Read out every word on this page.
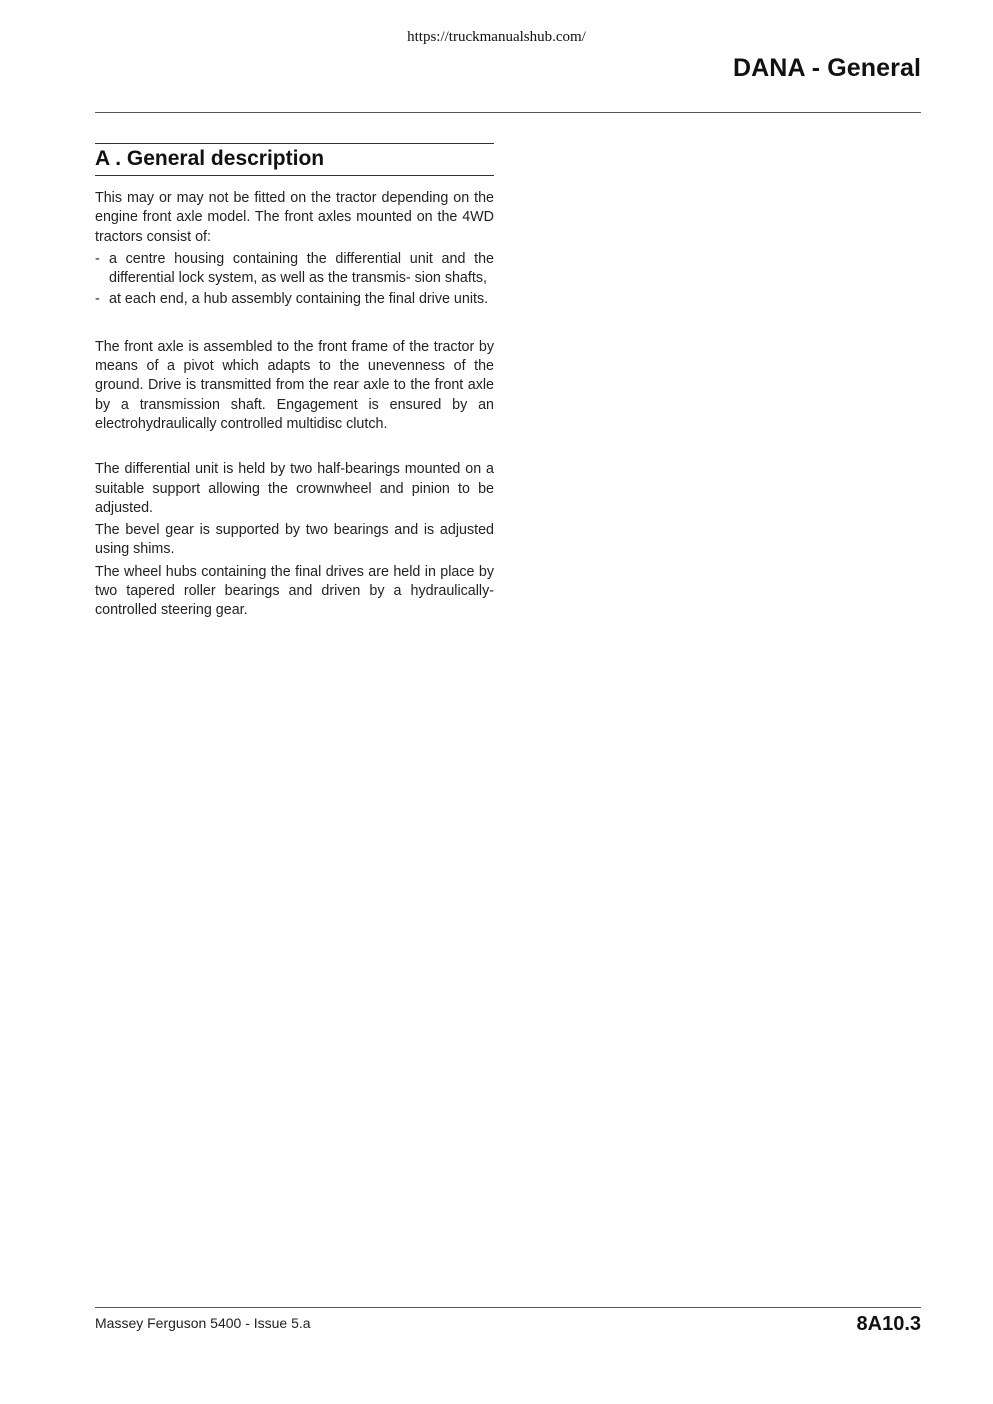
https://truckmanualshub.com/
DANA - General
A . General description

This may or may not be fitted on the tractor depending on the engine front axle model. The front axles mounted on the 4WD tractors consist of:

- a centre housing containing the differential unit and the differential lock system, as well as the transmis- sion shafts,
- at each end, a hub assembly containing the final drive units.

The front axle is assembled to the front frame of the tractor by means of a pivot which adapts to the unevenness of the ground. Drive is transmitted from the rear axle to the front axle by a transmission shaft. Engagement is ensured by an electrohydraulically controlled multidisc clutch.

The differential unit is held by two half-bearings mounted on a suitable support allowing the crownwheel and pinion to be adjusted.

The bevel gear is supported by two bearings and is adjusted using shims.

The wheel hubs containing the final drives are held in place by two tapered roller bearings and driven by a hydraulically-controlled steering gear.

Massey Ferguson 5400 - Issue 5.a	8A10.3
